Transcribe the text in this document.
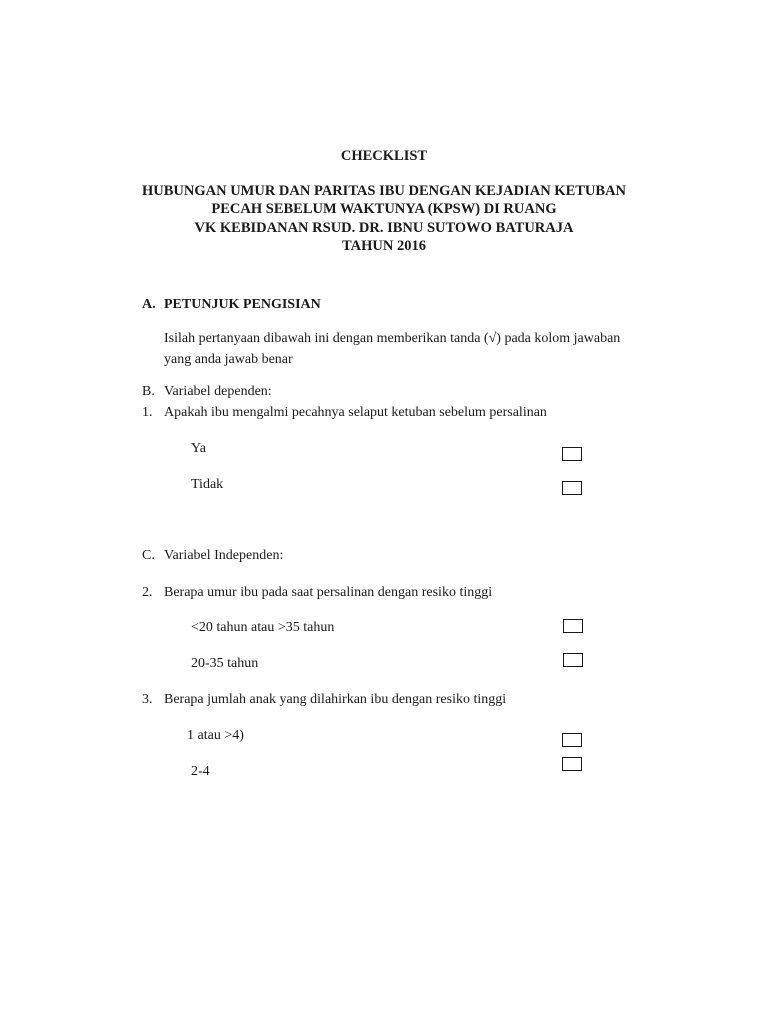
CHECKLIST
HUBUNGAN UMUR DAN PARITAS IBU DENGAN KEJADIAN KETUBAN
PECAH SEBELUM WAKTUNYA (KPSW) DI RUANG
VK KEBIDANAN RSUD. DR. IBNU SUTOWO BATURAJA
TAHUN 2016
A. PETUNJUK PENGISIAN
Isilah pertanyaan dibawah ini dengan memberikan tanda (√) pada kolom jawaban
yang anda jawab benar
B. Variabel dependen:
1. Apakah ibu mengalmi pecahnya selaput ketuban sebelum persalinan
Ya
Tidak
C. Variabel Independen:
2. Berapa umur ibu pada saat persalinan dengan resiko tinggi
<20 tahun atau >35 tahun
20-35 tahun
3. Berapa jumlah anak yang dilahirkan ibu dengan resiko tinggi
1 atau >4)
2-4
